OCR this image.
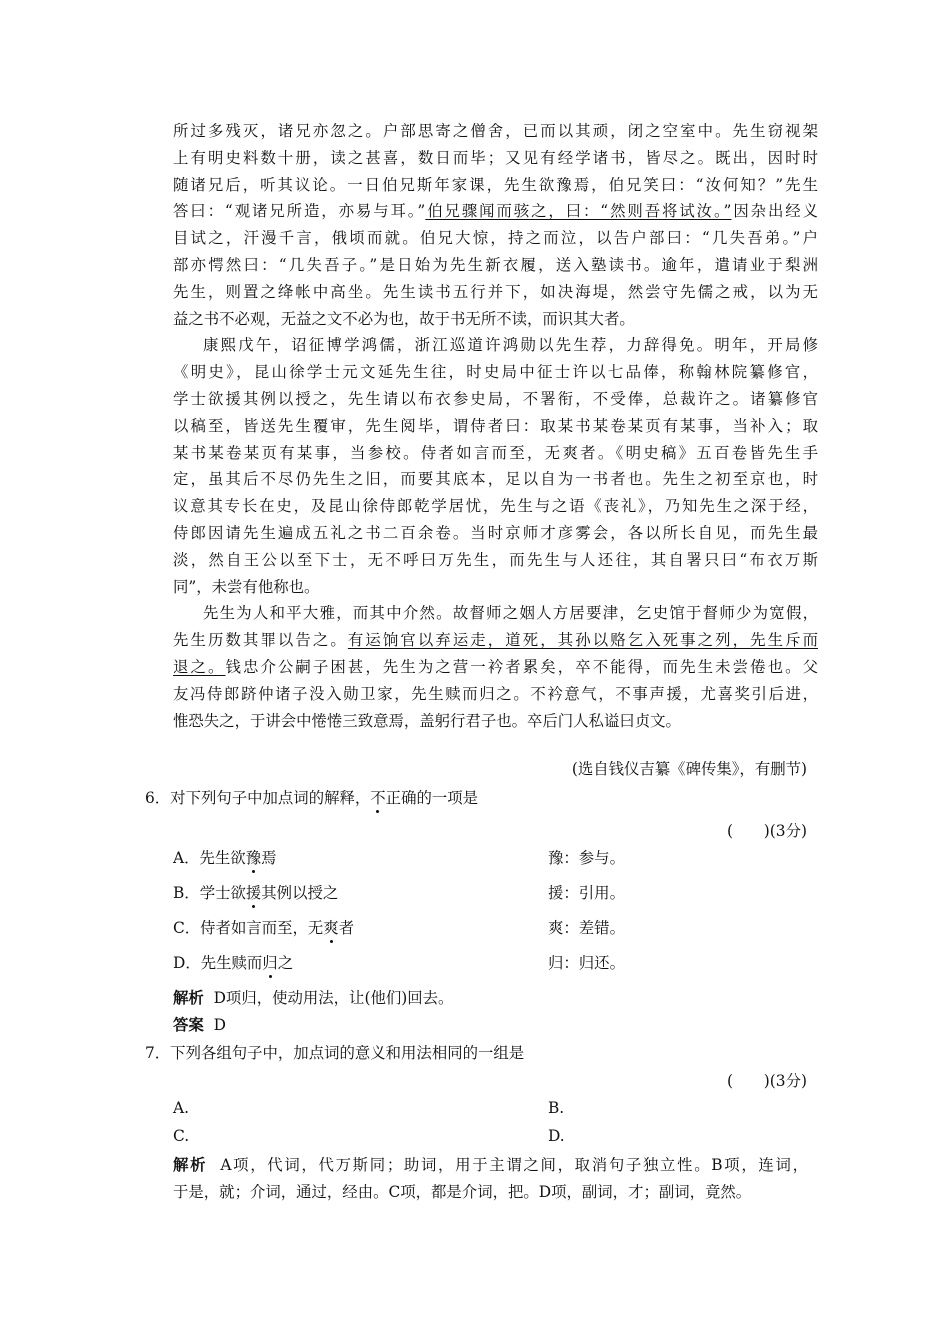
所过多残灭，诸兄亦忽之。户部思寄之僧舍，已而以其顽，闭之空室中。先生窃视架
上有明史料数十册，读之甚喜，数日而毕；又见有经学诸书，皆尽之。既出，因时时
随诸兄后，听其议论。一日伯兄斯年家课，先生欲豫焉，伯兄笑曰：“汝何知？”先生
答曰：“观诸兄所造，亦易与耳。”伯兄骤闻而骇之，曰：“然则吾将试汝。”因杂出经义
目试之，汗漫千言，俄顷而就。伯兄大惊，持之而泣，以告户部曰：“几失吾弟。”户
部亦愕然曰：“几失吾子。”是日始为先生新衣履，送入塾读书。逾年，遣请业于梨洲
先生，则置之绛帐中高坐。先生读书五行并下，如决海堤，然尝守先儒之戒，以为无
益之书不必观，无益之文不必为也，故于书无所不读，而识其大者。
康熙戊午，诏征博学鸿儒，浙江巡道许鸿勋以先生荐，力辞得免。明年，开局修
《明史》，昆山徐学士元文延先生往，时史局中征士许以七品俸，称翰林院纂修官，
学士欲援其例以授之，先生请以布衣参史局，不署衔，不受俸，总裁许之。诸纂修官
以稿至，皆送先生覆审，先生阅毕，谓侍者曰：取某书某卷某页有某事，当补入；取
某书某卷某页有某事，当参校。侍者如言而至，无爽者。《明史稿》五百卷皆先生手
定，虽其后不尽仍先生之旧，而要其底本，足以自为一书者也。先生之初至京也，时
议意其专长在史，及昆山徐侍郎乾学居忧，先生与之语《丧礼》，乃知先生之深于经，
侍郎因请先生遍成五礼之书二百余卷。当时京师才彦雾会，各以所长自见，而先生最
淡，然自王公以至下士，无不呼曰万先生，而先生与人还往，其自署只曰“布衣万斯
同”，未尝有他称也。
先生为人和平大雅，而其中介然。故督师之姻人方居要津，乞史馆于督师少为宽假，
先生历数其罪以告之。有运饷官以弃运走，道死，其孙以赂乞入死事之列，先生斥而
退之。钱忠介公嗣子困甚，先生为之营一衿者累矣，卒不能得，而先生未尝倦也。父
友冯侍郎跻仲诸子没入勋卫家，先生赎而归之。不衿意气，不事声援，尤喜奖引后进，
惟恐失之，于讲会中惓惓三致意焉，盖躬行君子也。卒后门人私谥曰贞文。
(选自钱仪吉纂《碑传集》，有删节)
6．对下列句子中加点词的解释，不正确的一项是
(　　)(3分)
A．先生欲豫焉	豫：参与。
B．学士欲援其例以授之	援：引用。
C．侍者如言而至，无爽者	爽：差错。
D．先生赎而归之	归：归还。
解析 D项归，使动用法，让(他们)回去。
答案 D
7．下列各组句子中，加点词的意义和用法相同的一组是
(　　)(3分)
A.	B.
C.	D.
解析 A项，代词，代万斯同；助词，用于主谓之间，取消句子独立性。B项，连词，
于是，就；介词，通过，经由。C项，都是介词，把。D项，副词，才；副词，竟然。
